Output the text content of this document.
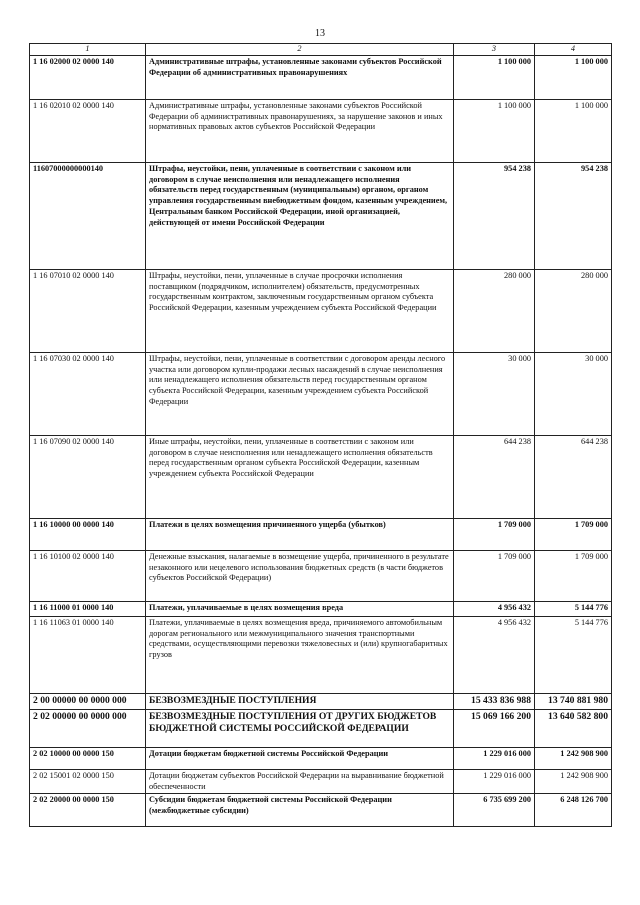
13
1	2	3	4
1 16 02000 02 0000 140	Административные штрафы, установленные законами субъектов Российской Федерации об административных правонарушениях	1 100 000	1 100 000
1 16 02010 02 0000 140	Административные штрафы, установленные законами субъектов Российской Федерации об административных правонарушениях, за нарушение законов и иных нормативных правовых актов субъектов Российской Федерации	1 100 000	1 100 000
11607000000000140	Штрафы, неустойки, пени, уплаченные в соответствии с законом или договором в случае неисполнения или ненадлежащего исполнения обязательств перед государственным (муниципальным) органом, органом управления государственным внебюджетным фондом, казенным учреждением, Центральным банком Российской Федерации, иной организацией, действующей от имени Российской Федерации	954 238	954 238
1 16 07010 02 0000 140	Штрафы, неустойки, пени, уплаченные в случае просрочки исполнения поставщиком (подрядчиком, исполнителем) обязательств, предусмотренных государственным контрактом, заключенным государственным органом субъекта Российской Федерации, казенным учреждением субъекта Российской Федерации	280 000	280 000
1 16 07030 02 0000 140	Штрафы, неустойки, пени, уплаченные в соответствии с договором аренды лесного участка или договором купли-продажи лесных насаждений в случае неисполнения или ненадлежащего исполнения обязательств перед государственным органом субъекта Российской Федерации, казенным учреждением субъекта Российской Федерации	30 000	30 000
1 16 07090 02 0000 140	Иные штрафы, неустойки, пени, уплаченные в соответствии с законом или договором в случае неисполнения или ненадлежащего исполнения обязательств перед государственным органом субъекта Российской Федерации, казенным учреждением субъекта Российской Федерации	644 238	644 238
1 16 10000 00 0000 140	Платежи в целях возмещения причиненного ущерба (убытков)	1 709 000	1 709 000
1 16 10100 02 0000 140	Денежные взыскания, налагаемые в возмещение ущерба, причиненного в результате незаконного или нецелевого использования бюджетных средств (в части бюджетов субъектов Российской Федерации)	1 709 000	1 709 000
1 16 11000 01 0000 140	Платежи, уплачиваемые в целях возмещения вреда	4 956 432	5 144 776
1 16 11063 01 0000 140	Платежи, уплачиваемые в целях возмещения вреда, причиняемого автомобильным дорогам регионального или межмуниципального значения транспортными средствами, осуществляющими перевозки тяжеловесных и (или) крупногабаритных грузов	4 956 432	5 144 776
2 00 00000 00 0000 000	БЕЗВОЗМЕЗДНЫЕ ПОСТУПЛЕНИЯ	15 433 836 988	13 740 881 980
2 02 00000 00 0000 000	БЕЗВОЗМЕЗДНЫЕ ПОСТУПЛЕНИЯ ОТ ДРУГИХ БЮДЖЕТОВ БЮДЖЕТНОЙ СИСТЕМЫ РОССИЙСКОЙ ФЕДЕРАЦИИ	15 069 166 200	13 640 582 800
2 02 10000 00 0000 150	Дотации бюджетам бюджетной системы Российской Федерации	1 229 016 000	1 242 908 900
2 02 15001 02 0000 150	Дотации бюджетам субъектов Российской Федерации на выравнивание бюджетной обеспеченности	1 229 016 000	1 242 908 900
2 02 20000 00 0000 150	Субсидии бюджетам бюджетной системы Российской Федерации (межбюджетные субсидии)	6 735 699 200	6 248 126 700
